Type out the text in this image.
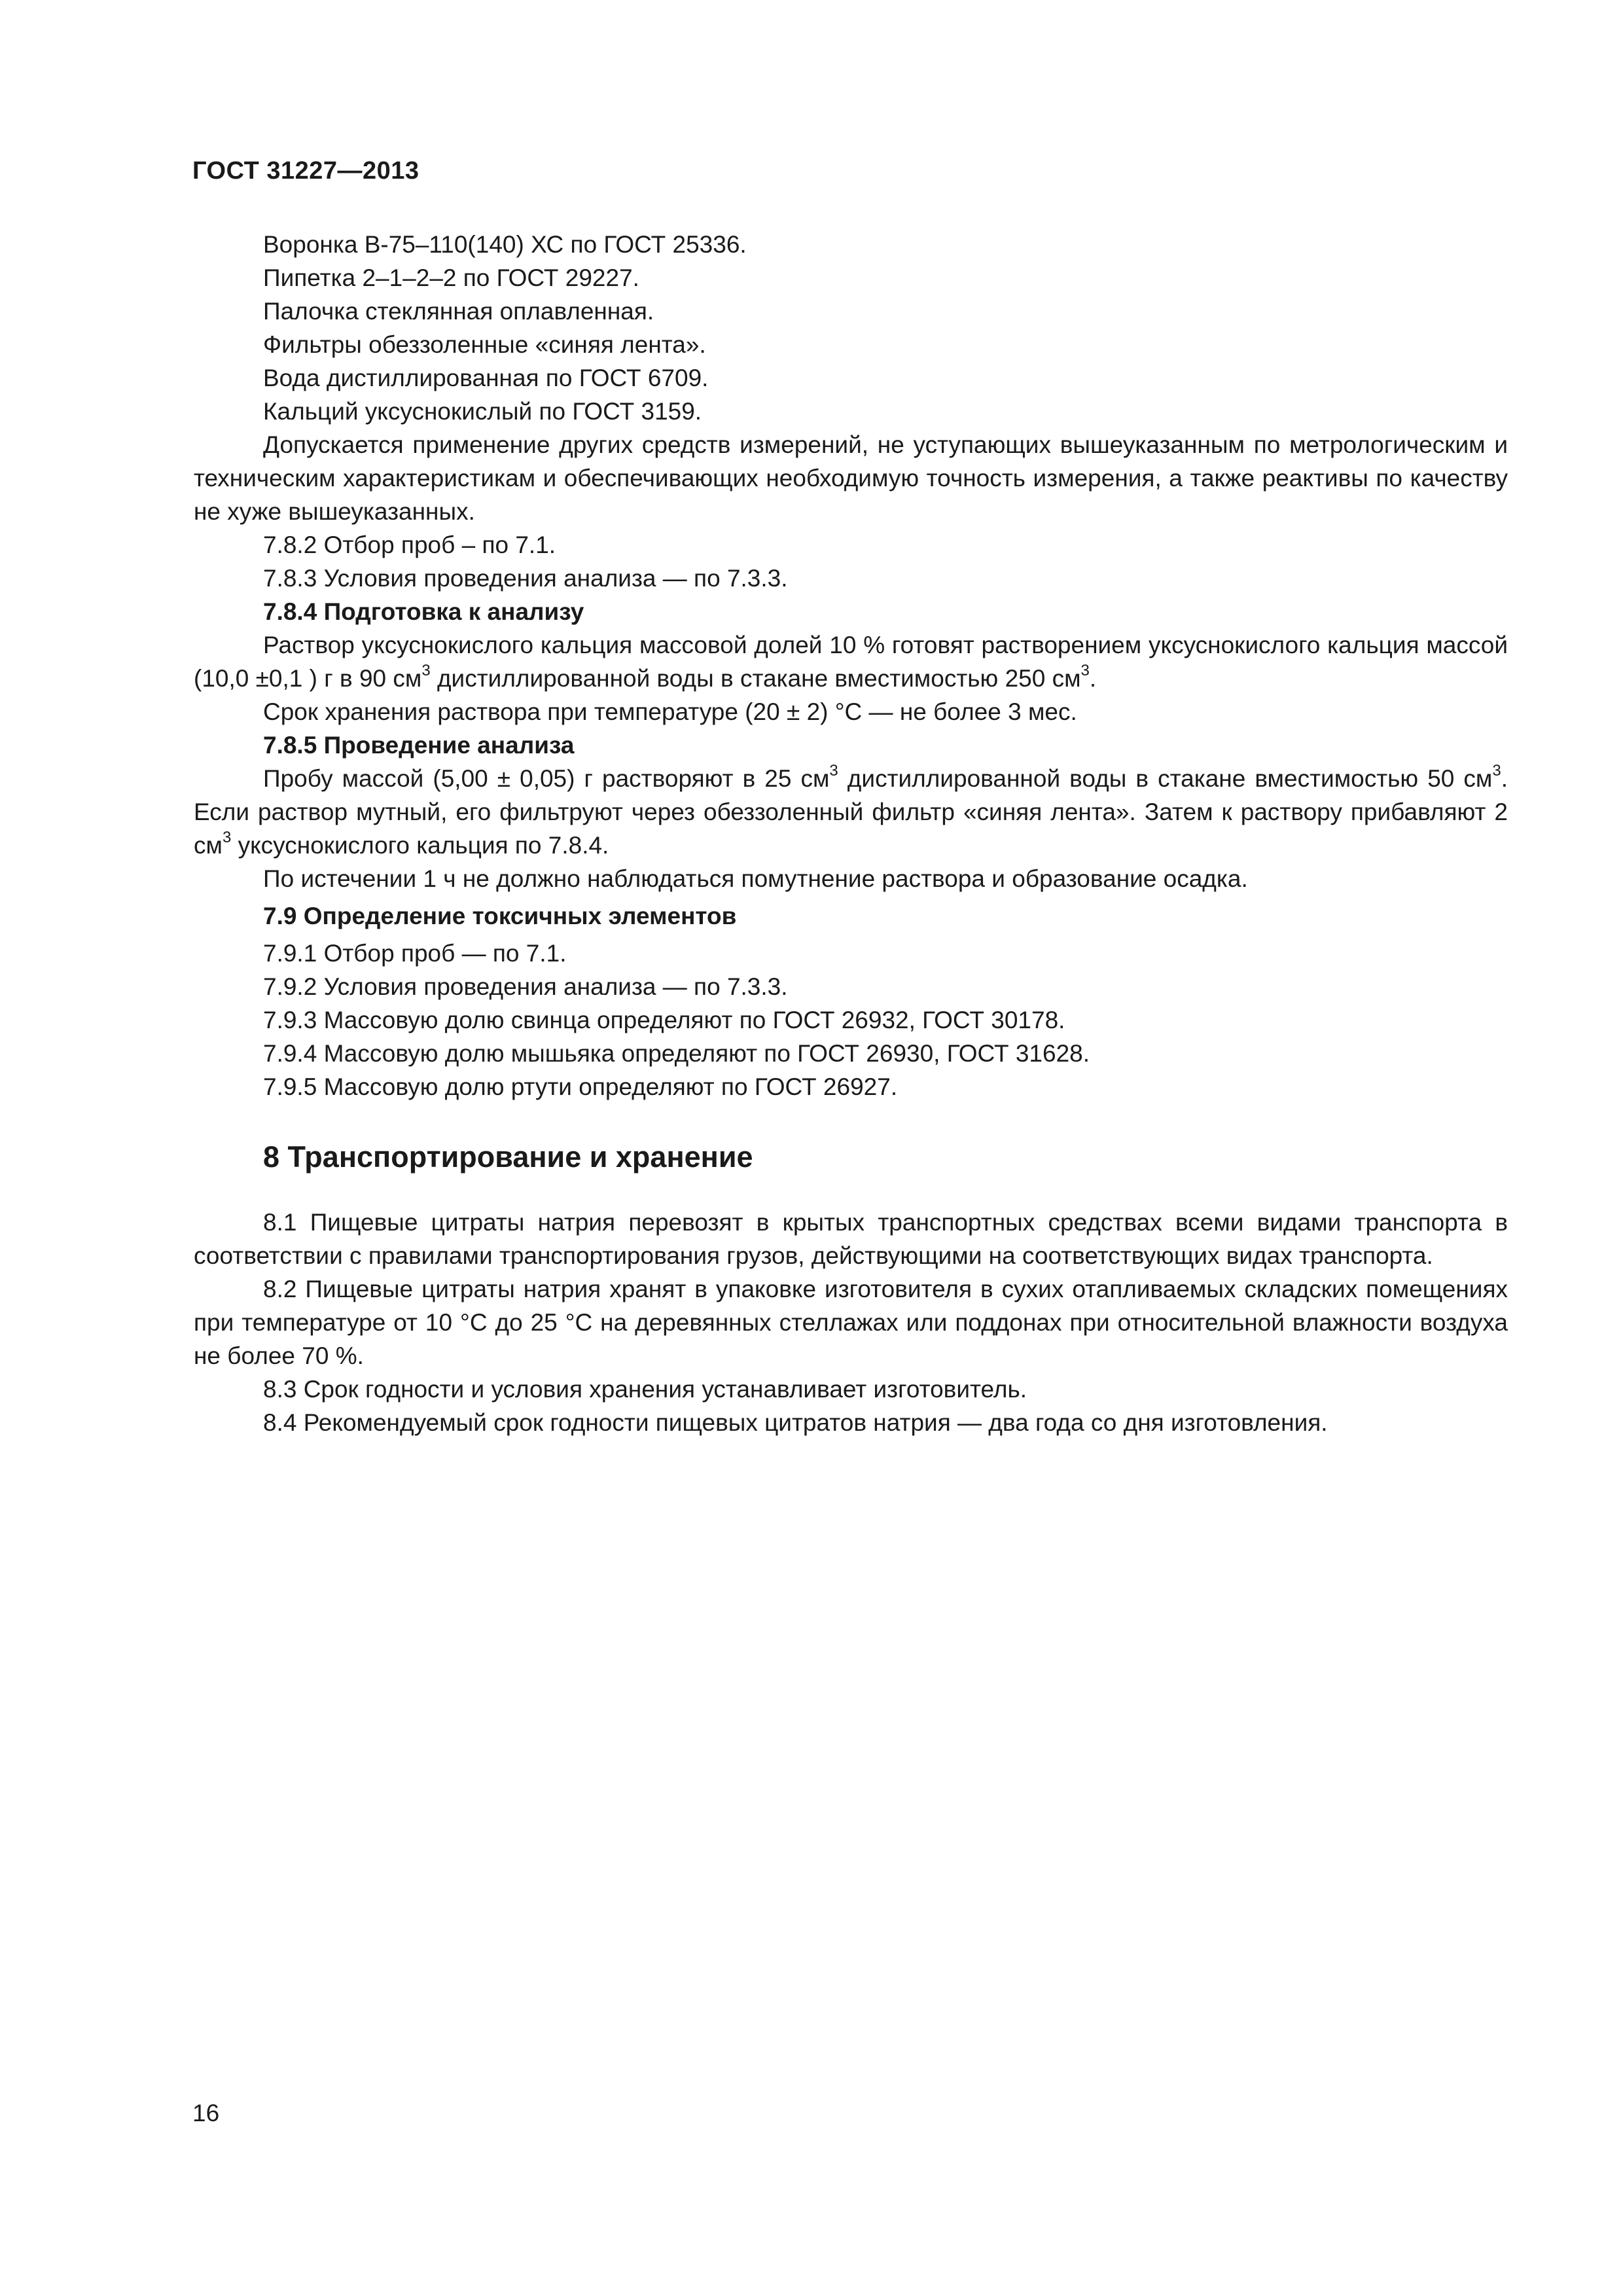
ГОСТ 31227—2013

Воронка В-75–110(140) ХС по ГОСТ 25336.

Пипетка 2–1–2–2 по ГОСТ 29227.

Палочка стеклянная оплавленная.

Фильтры обеззоленные «синяя лента».

Вода дистиллированная по ГОСТ 6709.

Кальций уксуснокислый по ГОСТ 3159.

Допускается применение других средств измерений, не уступающих вышеуказанным по метрологическим и техническим характеристикам и обеспечивающих необходимую точность измерения, а также реактивы по качеству не хуже вышеуказанных.

7.8.2 Отбор проб – по 7.1.

7.8.3 Условия проведения анализа — по 7.3.3.

7.8.4 Подготовка к анализу

Раствор уксуснокислого кальция массовой долей 10 % готовят растворением уксуснокислого кальция массой (10,0 ±0,1 ) г в 90 $см^3$ дистиллированной воды в стакане вместимостью 250 $см^3$.

Срок хранения раствора при температуре (20 ± 2) °С — не более 3 мес.

7.8.5 Проведение анализа

Пробу массой (5,00 ± 0,05) г растворяют в 25 $см^3$ дистиллированной воды в стакане вместимостью 50 $см^3$. Если раствор мутный, его фильтруют через обеззоленный фильтр «синяя лента». Затем к раствору прибавляют 2 $см^3$ уксуснокислого кальция по 7.8.4.

По истечении 1 ч не должно наблюдаться помутнение раствора и образование осадка.

7.9 Определение токсичных элементов

7.9.1 Отбор проб — по 7.1.

7.9.2 Условия проведения анализа — по 7.3.3.

7.9.3 Массовую долю свинца определяют по ГОСТ 26932, ГОСТ 30178.

7.9.4 Массовую долю мышьяка определяют по ГОСТ 26930, ГОСТ 31628.

7.9.5 Массовую долю ртути определяют по ГОСТ 26927.

8 Транспортирование и хранение

8.1 Пищевые цитраты натрия перевозят в крытых транспортных средствах всеми видами транспорта в соответствии с правилами транспортирования грузов, действующими на соответствующих видах транспорта.

8.2 Пищевые цитраты натрия хранят в упаковке изготовителя в сухих отапливаемых складских помещениях при температуре от 10 °С до 25 °С на деревянных стеллажах или поддонах при относительной влажности воздуха не более 70 %.

8.3 Срок годности и условия хранения устанавливает изготовитель.

8.4 Рекомендуемый срок годности пищевых цитратов натрия — два года со дня изготовления.

16
